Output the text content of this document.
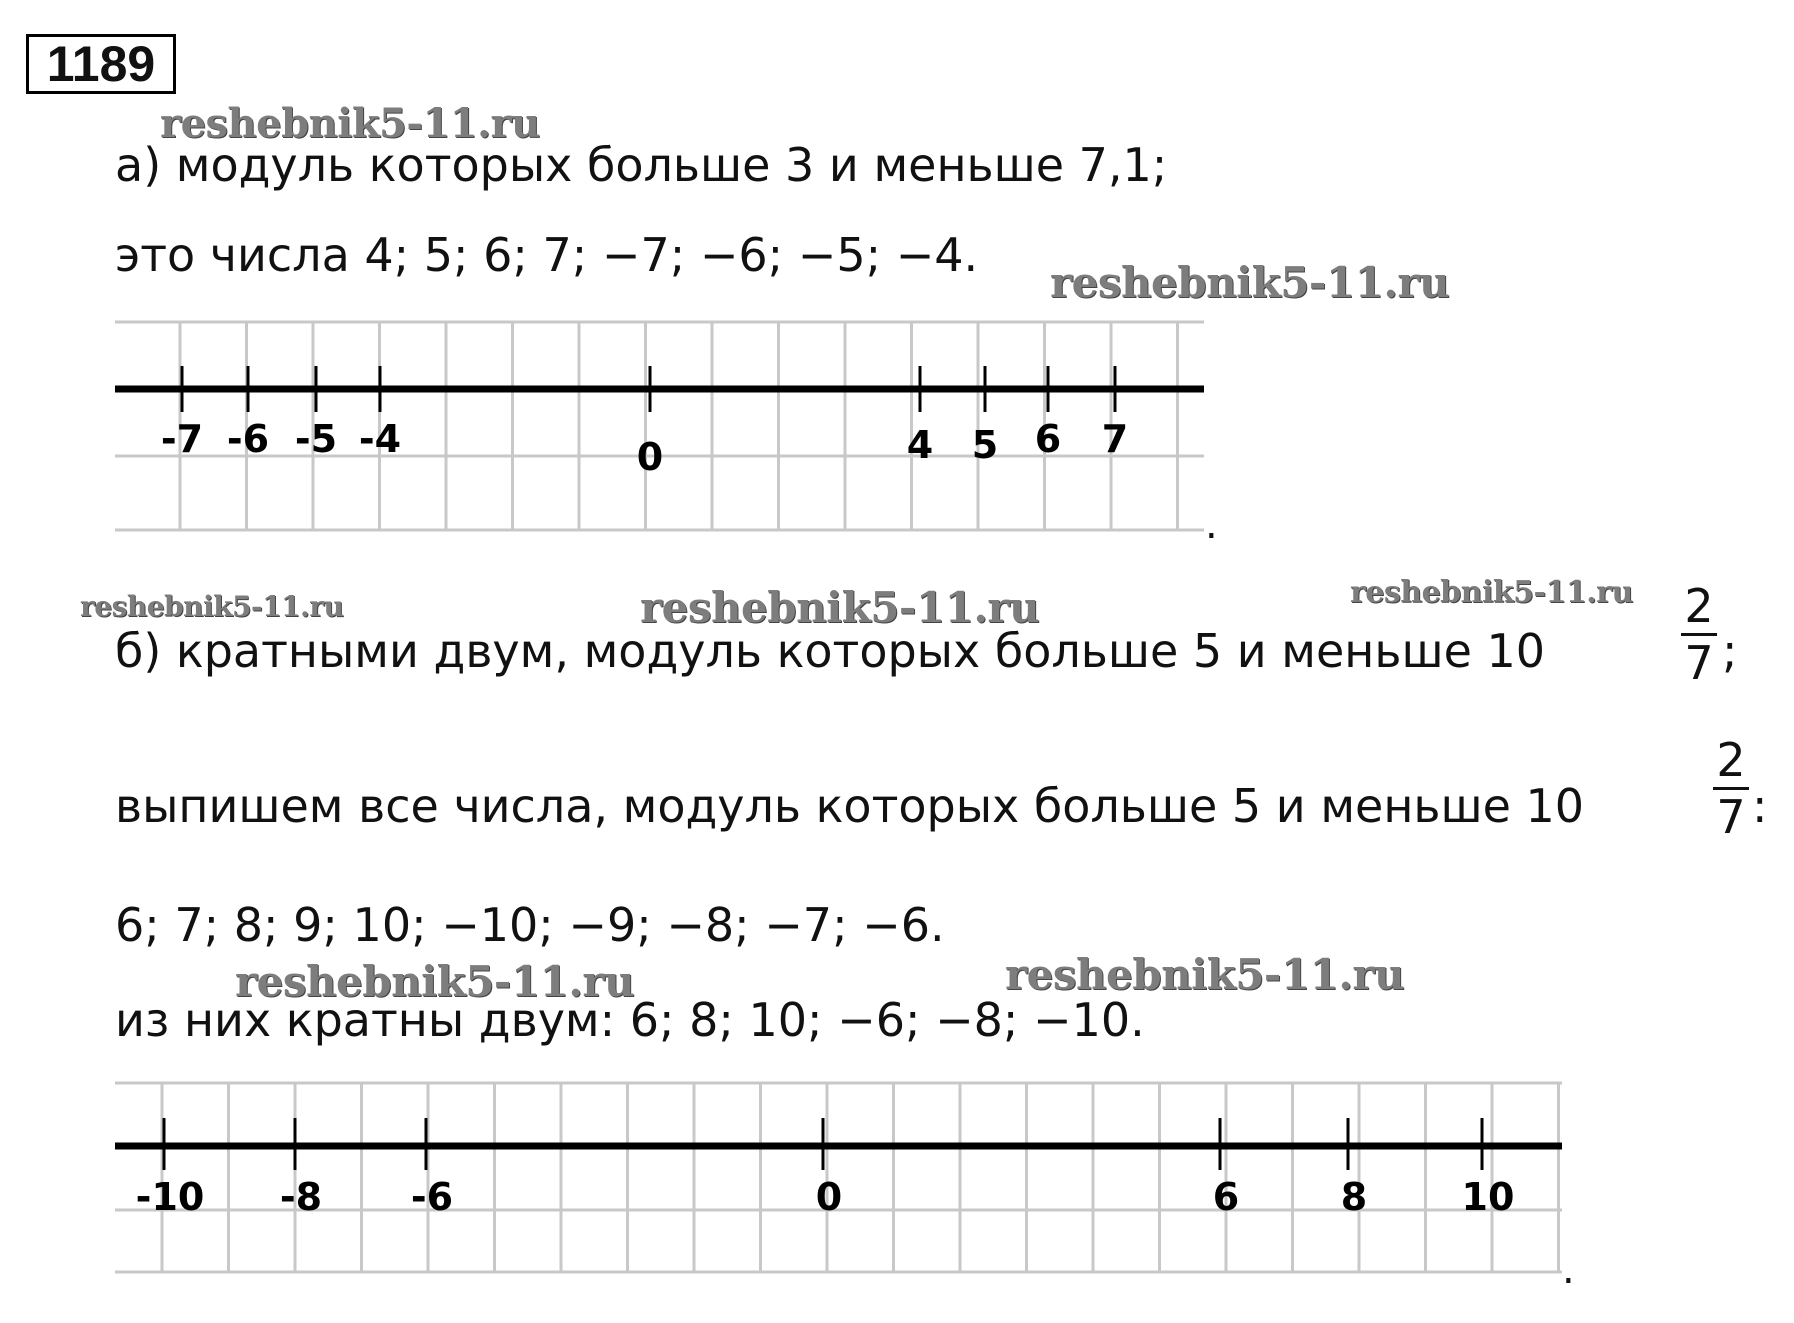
1189
reshebnik5-11.ru
reshebnik5-11.ru
reshebnik5-11.ru	reshebnik5-11.ru	reshebnik5-11.ru
reshebnik5-11.ru	reshebnik5-11.ru
а) модуль которых больше 3 и меньше 7,1;
это числа 4; 5; 6; 7; −7; −6; −5; −4.
б) кратными двум, модуль которых больше 5 и меньше 10
2
7 ;
выпишем все числа, модуль которых больше 5 и меньше 10
2
7 :
6; 7; 8; 9; 10; −10; −9; −8; −7; −6.
из них кратны двум: 6; 8; 10; −6; −8; −10.
-7 -6 -5 -4	0	4 5 6 7
-10 -8 -6	0	6	8 10
.
.
